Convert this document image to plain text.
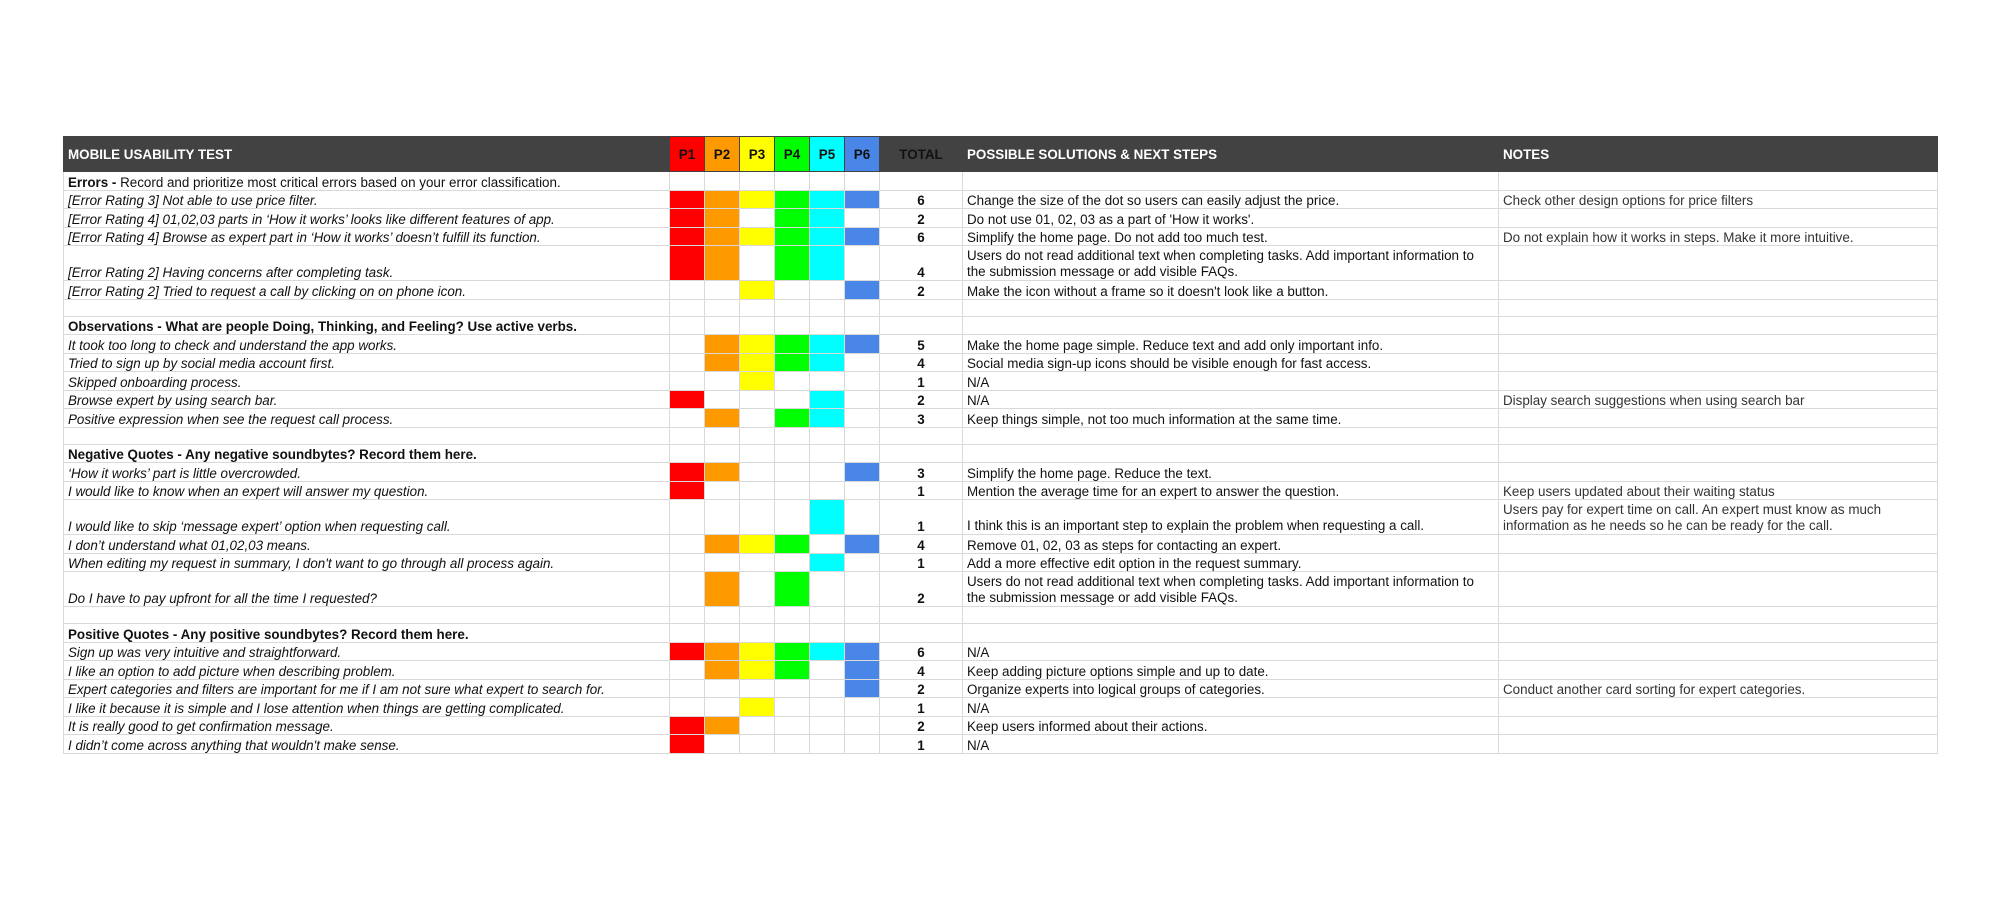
MOBILE USABILITY TEST	P1	P2	P3	P4	P5	P6	TOTAL	POSSIBLE SOLUTIONS & NEXT STEPS	NOTES
Errors - Record and prioritize most critical errors based on your error classification.									
[Error Rating 3] Not able to use price filter.							6	Change the size of the dot so users can easily adjust the price.	Check other design options for price filters
[Error Rating 4] 01,02,03 parts in ‘How it works’ looks like different features of app.							2	Do not use 01, 02, 03 as a part of 'How it works'.	
[Error Rating 4] Browse as expert part in ‘How it works’ doesn’t fulfill its function.							6	Simplify the home page. Do not add too much test.	Do not explain how it works in steps. Make it more intuitive.
[Error Rating 2] Having concerns after completing task.							4	Users do not read additional text when completing tasks. Add important information to the submission message or add visible FAQs.	
[Error Rating 2] Tried to request a call by clicking on on phone icon.							2	Make the icon without a frame so it doesn't look like a button.	

Observations - What are people Doing, Thinking, and Feeling? Use active verbs.									
It took too long to check and understand the app works.							5	Make the home page simple. Reduce text and add only important info.	
Tried to sign up by social media account first.							4	Social media sign-up icons should be visible enough for fast access.	
Skipped onboarding process.							1	N/A	
Browse expert by using search bar.							2	N/A	Display search suggestions when using search bar
Positive expression when see the request call process.							3	Keep things simple, not too much information at the same time.	

Negative Quotes - Any negative soundbytes? Record them here.									
‘How it works’ part is little overcrowded.							3	Simplify the home page. Reduce the text.	
I would like to know when an expert will answer my question.							1	Mention the average time for an expert to answer the question.	Keep users updated about their waiting status
I would like to skip ‘message expert’ option when requesting call.							1	I think this is an important step to explain the problem when requesting a call.	Users pay for expert time on call. An expert must know as much information as he needs so he can be ready for the call.
I don’t understand what 01,02,03 means.							4	Remove 01, 02, 03 as steps for contacting an expert.	
When editing my request in summary, I don't want to go through all process again.							1	Add a more effective edit option in the request summary.	
Do I have to pay upfront for all the time I requested?							2	Users do not read additional text when completing tasks. Add important information to the submission message or add visible FAQs.	

Positive Quotes - Any positive soundbytes? Record them here.									
Sign up was very intuitive and straightforward.							6	N/A	
I like an option to add picture when describing problem.							4	Keep adding picture options simple and up to date.	
Expert categories and filters are important for me if I am not sure what expert to search for.							2	Organize experts into logical groups of categories.	Conduct another card sorting for expert categories.
I like it because it is simple and I lose attention when things are getting complicated.							1	N/A	
It is really good to get confirmation message.							2	Keep users informed about their actions.	
I didn’t come across anything that wouldn't make sense.							1	N/A	
